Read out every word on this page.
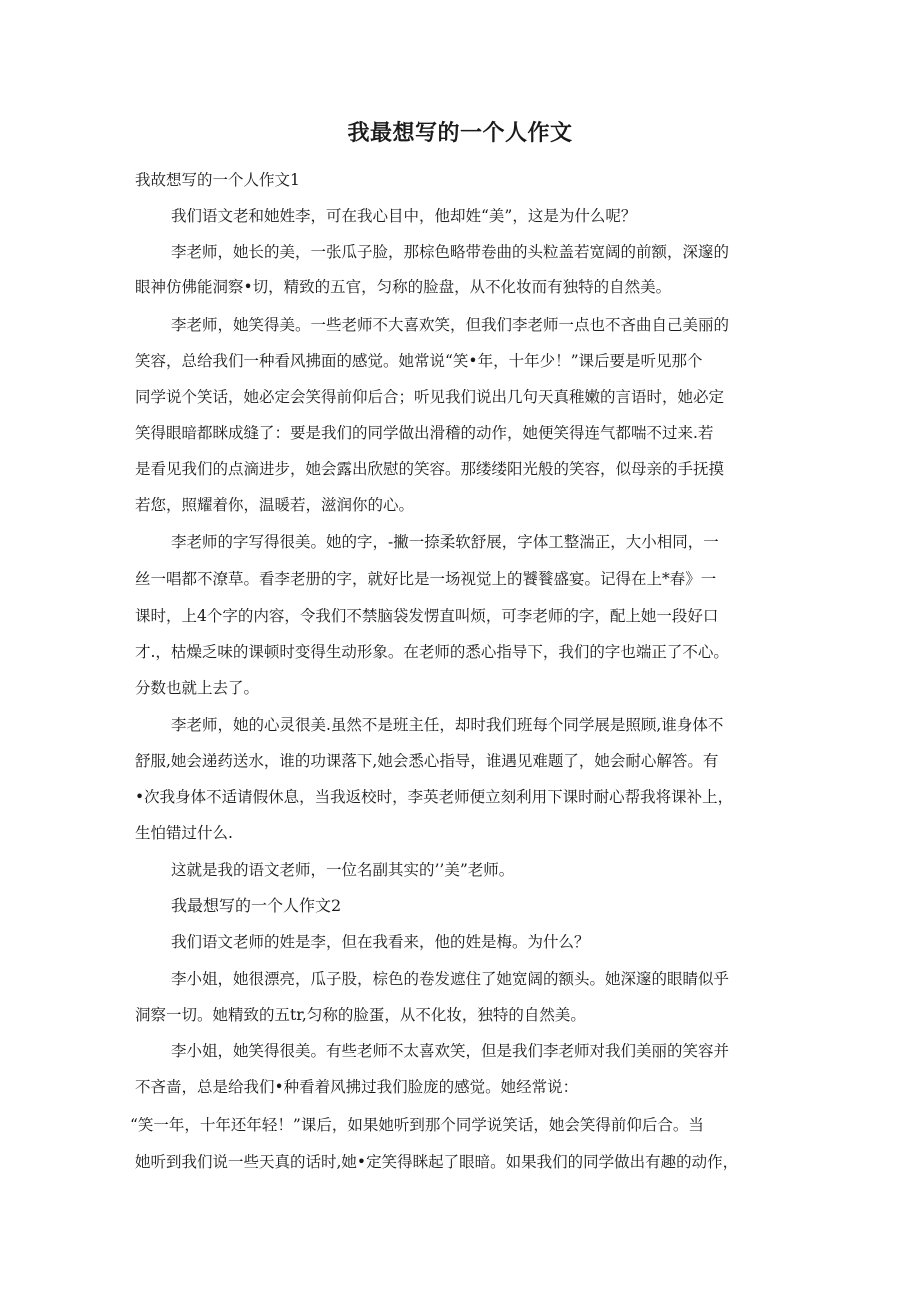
我最想写的一个人作文

我故想写的一个人作文1

我们语文老和她姓李，可在我心目中，他却姓“美”，这是为什么呢？

李老师，她长的美，一张瓜子脸，那棕色略带卷曲的头粒盖若宽阔的前额，深邃的

眼神仿佛能洞察•切，精致的五官，匀称的脸盘，从不化妆而有独特的自然美。

李老师，她笑得美。一些老师不大喜欢笑，但我们李老师一点也不吝曲自己美丽的

笑容，总给我们一种看风拂面的感觉。她常说“笑•年，十年少！”课后要是听见那个

同学说个笑话，她必定会笑得前仰后合；听见我们说出几句天真稚嫩的言语时，她必定

笑得眼暗都眯成缝了：要是我们的同学做出滑稽的动作，她便笑得连气都喘不过来.若

是看见我们的点滴进步，她会露出欣慰的笑容。那缕缕阳光般的笑容，似母亲的手抚摸

若您，照耀着你，温暖若，滋润你的心。

李老师的字写得很美。她的字，-撇一捺柔软舒展，字体工整湍正，大小相同，一

丝一唱都不潦草。看李老册的字，就好比是一场视觉上的饕餮盛宴。记得在上*春》一

课时，上4个字的内容，令我们不禁脑袋发愣直叫烦，可李老师的字，配上她一段好口

才.，枯燥乏味的课顿时变得生动形象。在老师的悉心指导下，我们的字也端正了不心。

分数也就上去了。

李老师，她的心灵很美.虽然不是班主任，却时我们班每个同学展是照顾,谁身体不

舒服,她会递药送水，谁的功课落下,她会悉心指导，谁遇见难题了，她会耐心解答。有

•次我身体不适请假休息，当我返校时，李英老师便立刻利用下课时耐心帮我将课补上，

生怕错过什么.

这就是我的语文老师，一位名副其实的’’美”老师。

我最想写的一个人作文2

我们语文老师的姓是李，但在我看来，他的姓是梅。为什么？

李小姐，她很漂亮，瓜子股，棕色的卷发遮住了她宽阔的额头。她深邃的眼睛似乎

洞察一切。她精致的五tr,匀称的脸蛋，从不化妆，独特的自然美。

李小姐，她笑得很美。有些老师不太喜欢笑，但是我们李老师对我们美丽的笑容并

不吝啬，总是给我们•种看着风拂过我们脸庞的感觉。她经常说：

“笑一年，十年还年轻！”课后，如果她听到那个同学说笑话，她会笑得前仰后合。当

她听到我们说一些天真的话时,她•定笑得眯起了眼暗。如果我们的同学做出有趣的动作，
